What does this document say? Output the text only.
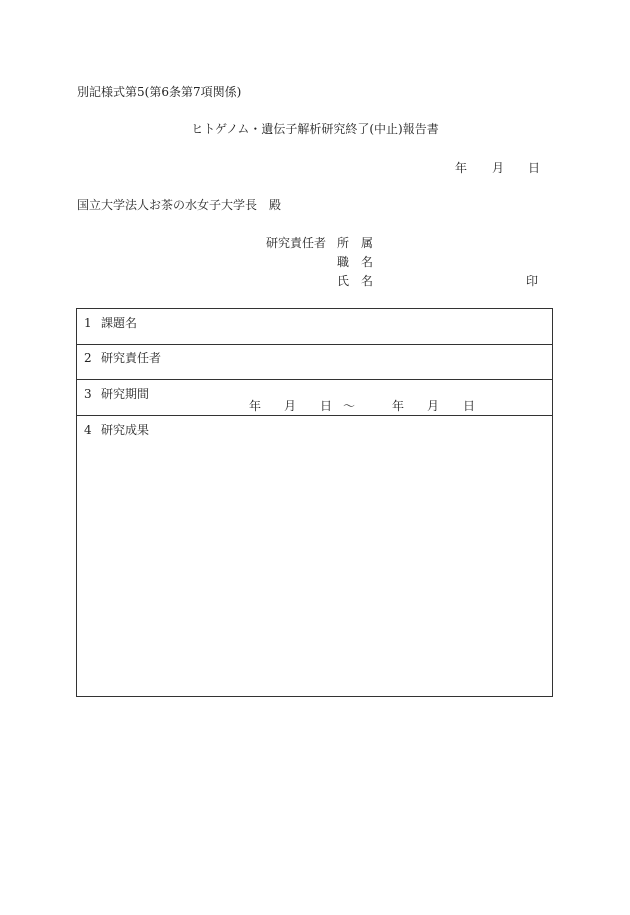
別記様式第5(第6条第7項関係)
ヒトゲノム・遺伝子解析研究終了(中止)報告書
年 月 日
国立大学法人お茶の水女子大学長　殿
研究責任者 所　属
職　名
氏　名	印
1 課題名
2 研究責任者
3 研究期間
4 研究成果
年 月 日 〜	年 月 日
